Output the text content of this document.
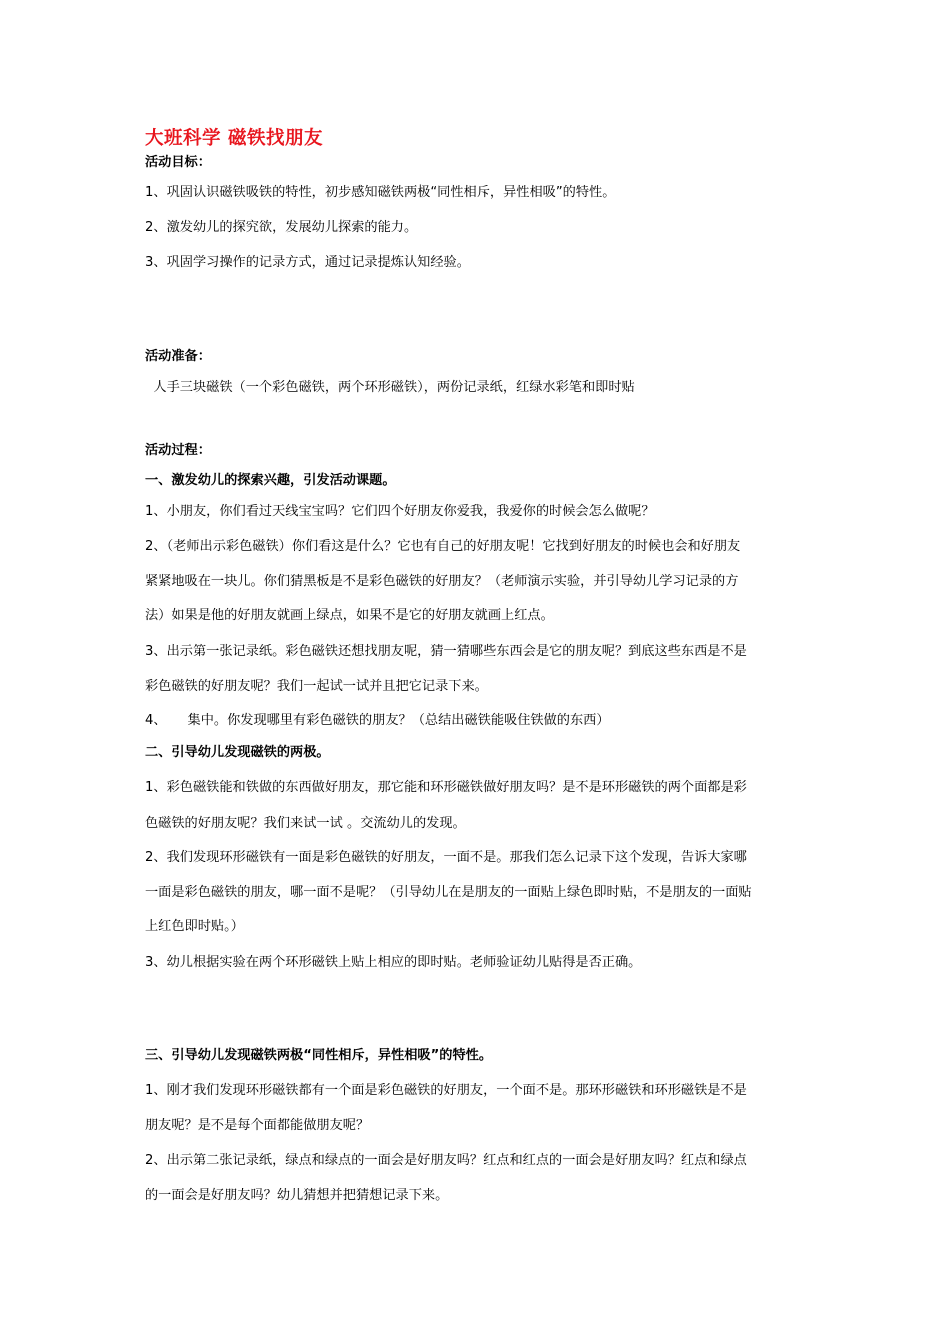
大班科学 磁铁找朋友
活动目标：
1、巩固认识磁铁吸铁的特性，初步感知磁铁两极“同性相斥，异性相吸”的特性。
2、激发幼儿的探究欲，发展幼儿探索的能力。
3、巩固学习操作的记录方式，通过记录提炼认知经验。
活动准备：
人手三块磁铁（一个彩色磁铁，两个环形磁铁），两份记录纸，红绿水彩笔和即时贴
活动过程：
一、激发幼儿的探索兴趣，引发活动课题。
1、小朋友，你们看过天线宝宝吗？它们四个好朋友你爱我，我爱你的时候会怎么做呢？
2、（老师出示彩色磁铁）你们看这是什么？它也有自己的好朋友呢！它找到好朋友的时候也会和好朋友
紧紧地吸在一块儿。你们猜黑板是不是彩色磁铁的好朋友？（老师演示实验，并引导幼儿学习记录的方
法）如果是他的好朋友就画上绿点，如果不是它的好朋友就画上红点。
3、出示第一张记录纸。彩色磁铁还想找朋友呢，猜一猜哪些东西会是它的朋友呢？到底这些东西是不是
彩色磁铁的好朋友呢？我们一起试一试并且把它记录下来。
4、     集中。你发现哪里有彩色磁铁的朋友？（总结出磁铁能吸住铁做的东西）
二、引导幼儿发现磁铁的两极。
1、彩色磁铁能和铁做的东西做好朋友，那它能和环形磁铁做好朋友吗？是不是环形磁铁的两个面都是彩
色磁铁的好朋友呢？我们来试一试 。交流幼儿的发现。
2、我们发现环形磁铁有一面是彩色磁铁的好朋友，一面不是。那我们怎么记录下这个发现，告诉大家哪
一面是彩色磁铁的朋友，哪一面不是呢？（引导幼儿在是朋友的一面贴上绿色即时贴，不是朋友的一面贴
上红色即时贴。）
3、幼儿根据实验在两个环形磁铁上贴上相应的即时贴。老师验证幼儿贴得是否正确。
三、引导幼儿发现磁铁两极“同性相斥，异性相吸”的特性。
1、刚才我们发现环形磁铁都有一个面是彩色磁铁的好朋友，一个面不是。那环形磁铁和环形磁铁是不是
朋友呢？是不是每个面都能做朋友呢？
2、出示第二张记录纸，绿点和绿点的一面会是好朋友吗？红点和红点的一面会是好朋友吗？红点和绿点
的一面会是好朋友吗？幼儿猜想并把猜想记录下来。
